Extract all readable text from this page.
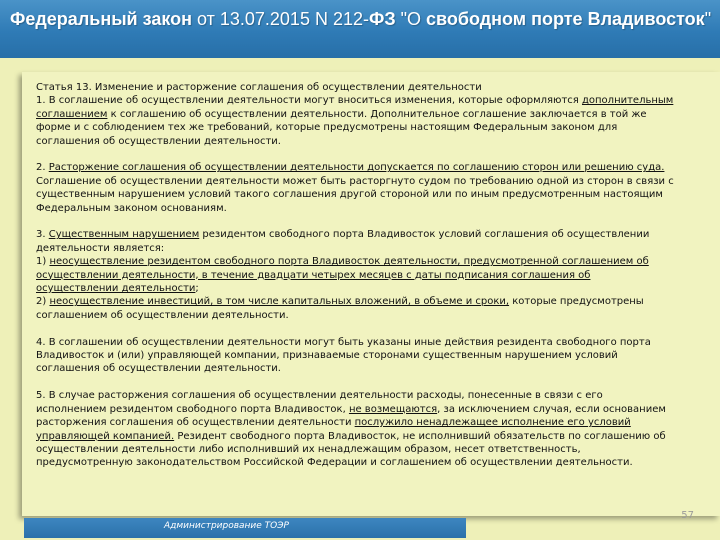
Федеральный закон от 13.07.2015 N 212-ФЗ "О свободном порте Владивосток"
Статья 13. Изменение и расторжение соглашения об осуществлении деятельности
1. В соглашение об осуществлении деятельности могут вноситься изменения, которые оформляются дополнительным соглашением к соглашению об осуществлении деятельности. Дополнительное соглашение заключается в той же форме и с соблюдением тех же требований, которые предусмотрены настоящим Федеральным законом для соглашения об осуществлении деятельности.
2. Расторжение соглашения об осуществлении деятельности допускается по соглашению сторон или решению суда. Соглашение об осуществлении деятельности может быть расторгнуто судом по требованию одной из сторон в связи с существенным нарушением условий такого соглашения другой стороной или по иным предусмотренным настоящим Федеральным законом основаниям.
3. Существенным нарушением резидентом свободного порта Владивосток условий соглашения об осуществлении деятельности является:
1) неосуществление резидентом свободного порта Владивосток деятельности, предусмотренной соглашением об осуществлении деятельности, в течение двадцати четырех месяцев с даты подписания соглашения об осуществлении деятельности;
2) неосуществление инвестиций, в том числе капитальных вложений, в объеме и сроки, которые предусмотрены соглашением об осуществлении деятельности.
4. В соглашении об осуществлении деятельности могут быть указаны иные действия резидента свободного порта Владивосток и (или) управляющей компании, признаваемые сторонами существенным нарушением условий соглашения об осуществлении деятельности.
5. В случае расторжения соглашения об осуществлении деятельности расходы, понесенные в связи с его исполнением резидентом свободного порта Владивосток, не возмещаются, за исключением случая, если основанием расторжения соглашения об осуществлении деятельности послужило ненадлежащее исполнение его условий управляющей компанией. Резидент свободного порта Владивосток, не исполнивший обязательств по соглашению об осуществлении деятельности либо исполнивший их ненадлежащим образом, несет ответственность, предусмотренную законодательством Российской Федерации и соглашением об осуществлении деятельности.
Администрирование ТОЭР
57
